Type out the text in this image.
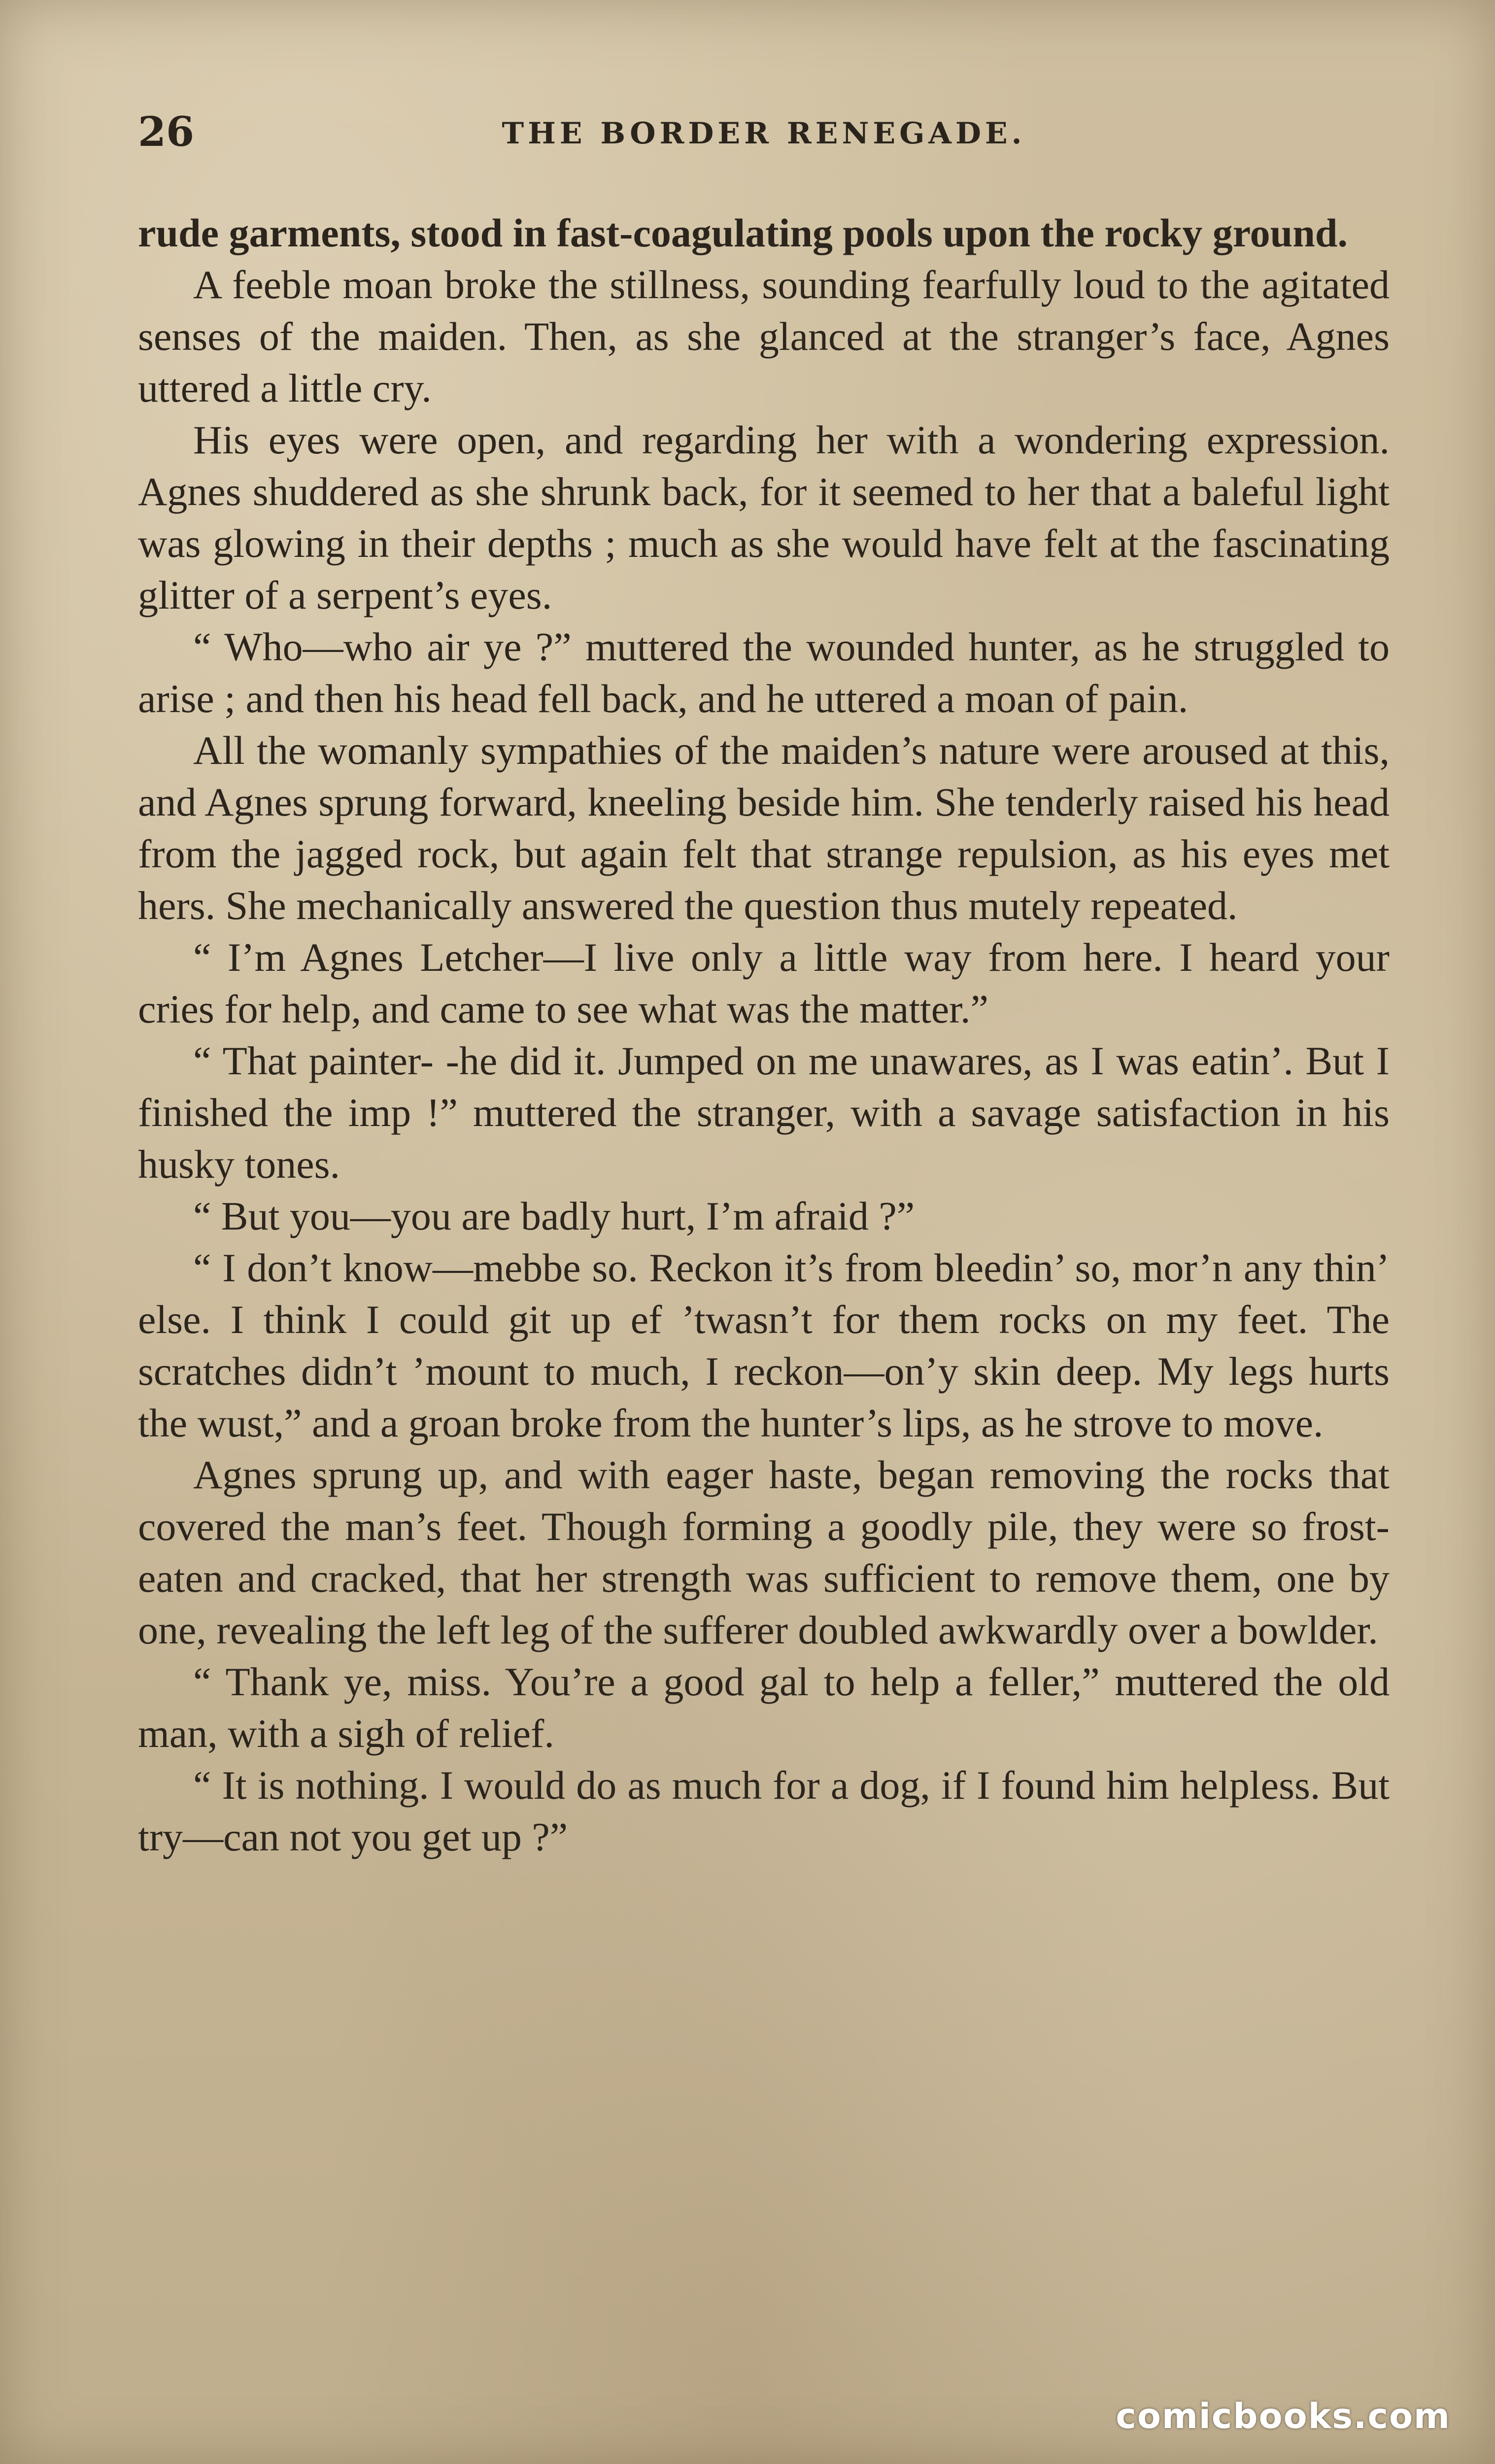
26	THE BORDER RENEGADE.

rude garments, stood in fast-coagulating pools upon the rocky ground.

A feeble moan broke the stillness, sounding fearfully loud to the agitated senses of the maiden. Then, as she glanced at the stranger’s face, Agnes uttered a little cry.

His eyes were open, and regarding her with a wondering expression. Agnes shuddered as she shrunk back, for it seemed to her that a baleful light was glowing in their depths ; much as she would have felt at the fascinating glitter of a serpent’s eyes.

“ Who—who air ye ?” muttered the wounded hunter, as he struggled to arise ; and then his head fell back, and he uttered a moan of pain.

All the womanly sympathies of the maiden’s nature were aroused at this, and Agnes sprung forward, kneeling beside him. She tenderly raised his head from the jagged rock, but again felt that strange repulsion, as his eyes met hers. She mechanically answered the question thus mutely repeated.

“ I’m Agnes Letcher—I live only a little way from here. I heard your cries for help, and came to see what was the matter.”

“ That painter- -he did it. Jumped on me unawares, as I was eatin’. But I finished the imp !” muttered the stranger, with a savage satisfaction in his husky tones.

“ But you—you are badly hurt, I’m afraid ?”

“ I don’t know—mebbe so. Reckon it’s from bleedin’ so, mor’n any thin’ else. I think I could git up ef ’twasn’t for them rocks on my feet. The scratches didn’t ’mount to much, I reckon—on’y skin deep. My legs hurts the wust,” and a groan broke from the hunter’s lips, as he strove to move.

Agnes sprung up, and with eager haste, began removing the rocks that covered the man’s feet. Though forming a goodly pile, they were so frost-eaten and cracked, that her strength was sufficient to remove them, one by one, revealing the left leg of the sufferer doubled awkwardly over a bowlder.

“ Thank ye, miss. You’re a good gal to help a feller,” muttered the old man, with a sigh of relief.

“ It is nothing. I would do as much for a dog, if I found him helpless. But try—can not you get up ?”

comicbooks.com
